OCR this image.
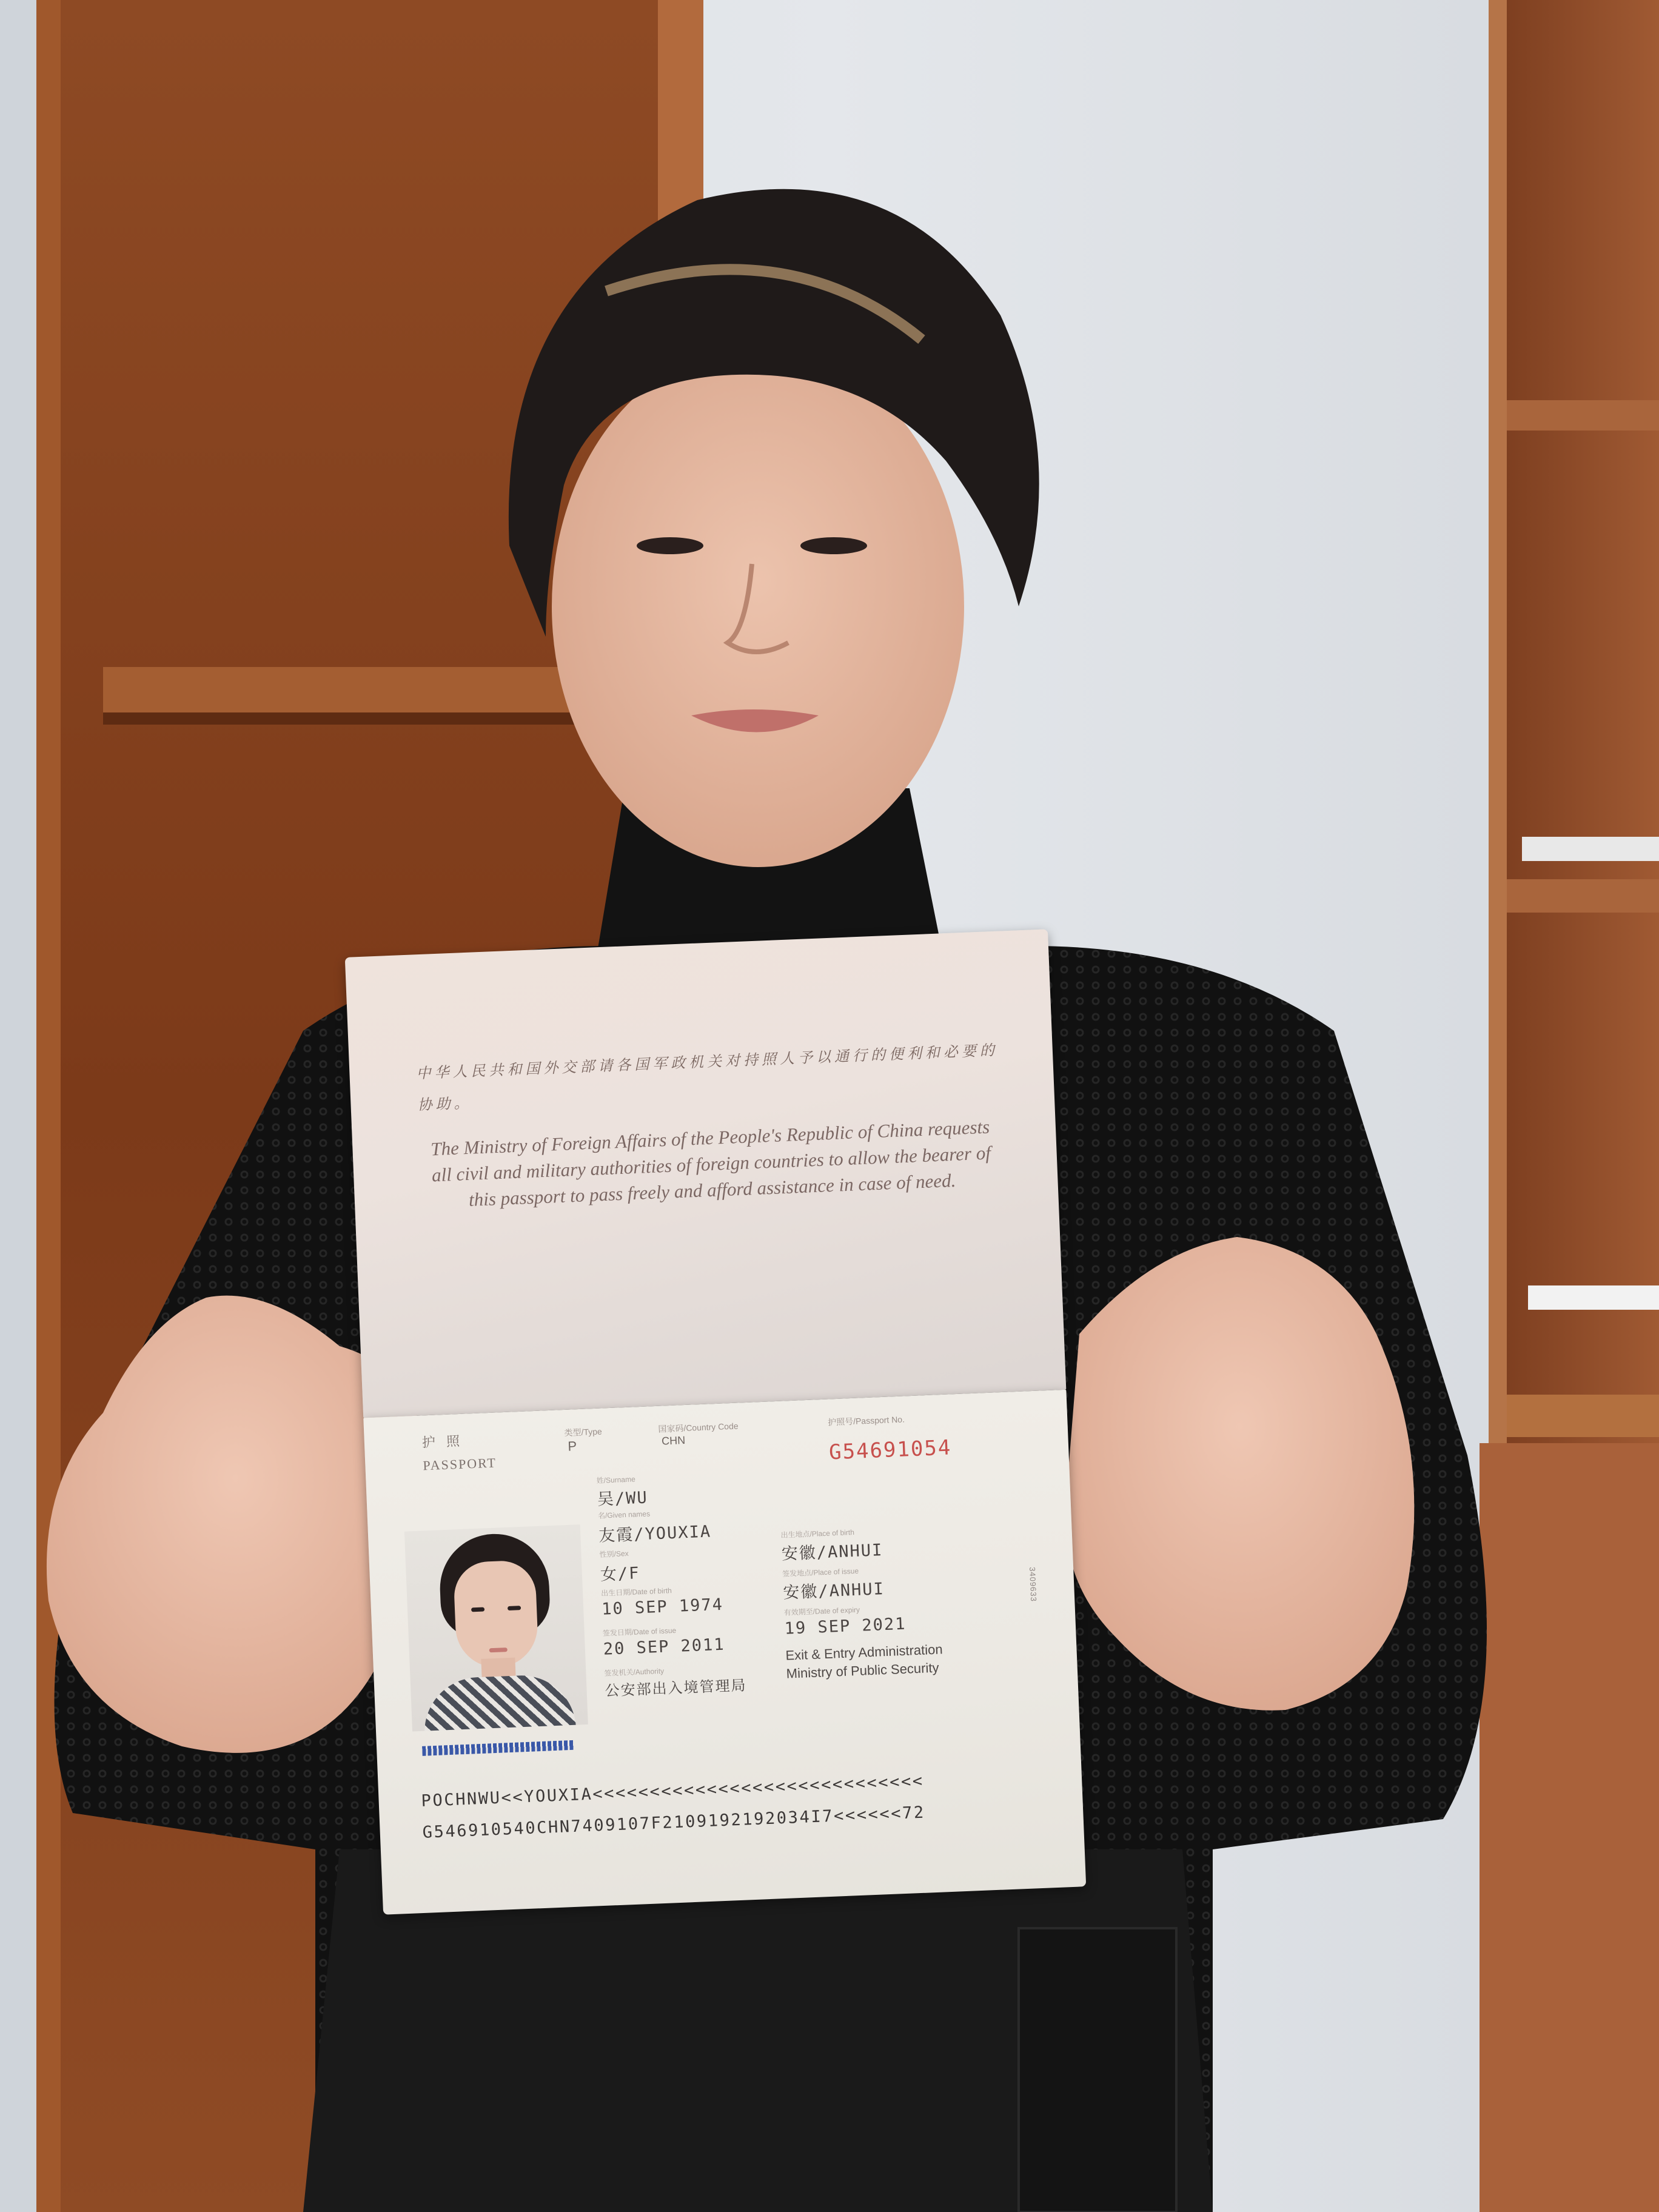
中华人民共和国外交部请各国军政机关对持照人予以通行的便利和必要的协助。
The Ministry of Foreign Affairs of the People's Republic of China requests all civil and military authorities of foreign countries to allow the bearer of this passport to pass freely and afford assistance in case of need.
护 照
PASSPORT
类型/Type
P
国家码/Country Code
CHN
护照号/Passport No.
G54691054
姓/Surname
吴/WU
名/Given names
友霞/YOUXIA
性别/Sex
女/F
出生日期/Date of birth
10 SEP 1974
签发日期/Date of issue
20 SEP 2011
签发机关/Authority
公安部出入境管理局
出生地点/Place of birth
安徽/ANHUI
签发地点/Place of issue
安徽/ANHUI
有效期至/Date of expiry
19 SEP 2021
Exit & Entry Administration
Ministry of Public Security
3409633
POCHNWU<<YOUXIA<<<<<<<<<<<<<<<<<<<<<<<<<<<<<
G546910540CHN7409107F2109192192034I7<<<<<<72
